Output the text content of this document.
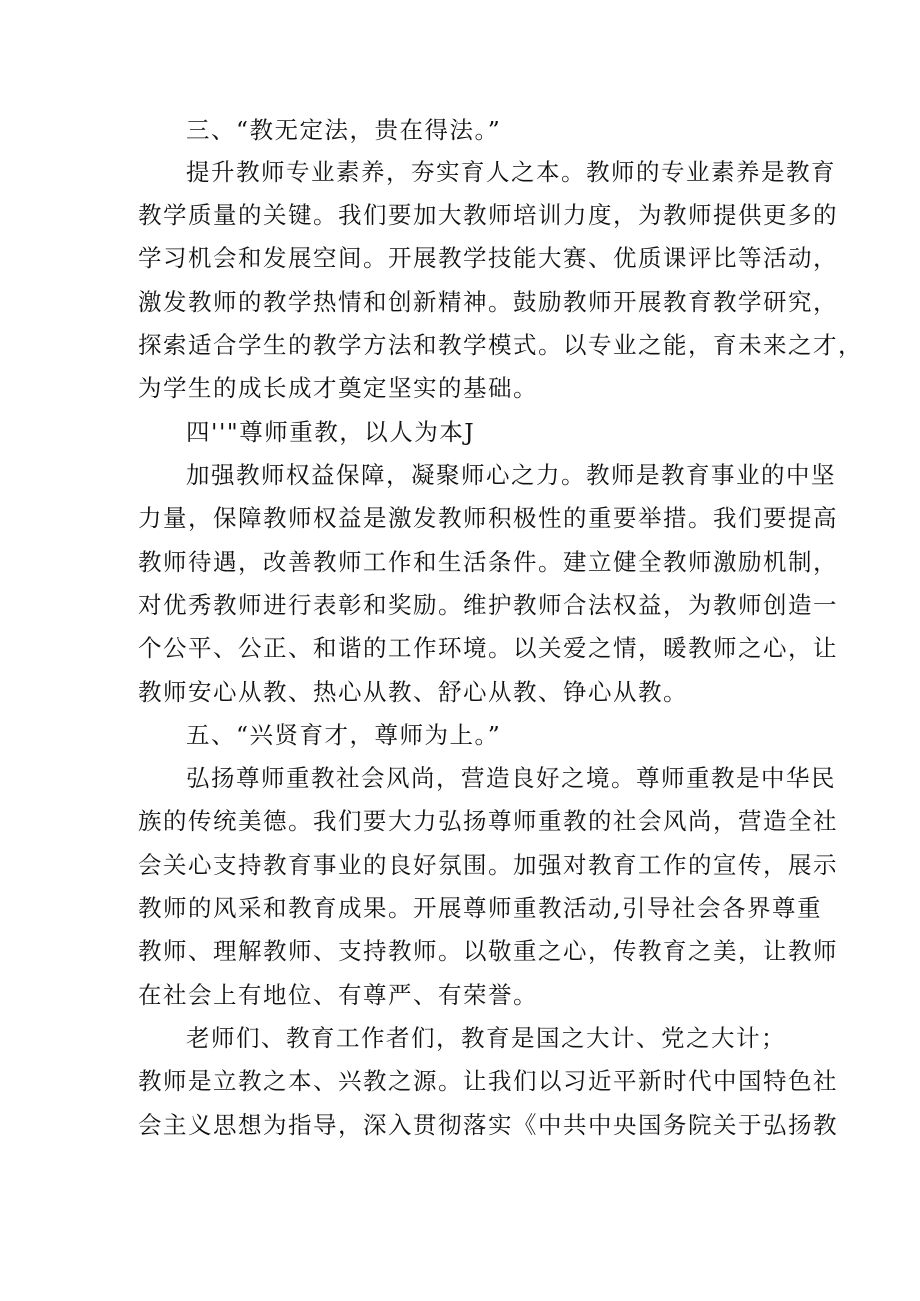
三、“教无定法，贵在得法。”
提升教师专业素养，夯实育人之本。教师的专业素养是教育
教学质量的关键。我们要加大教师培训力度，为教师提供更多的
学习机会和发展空间。开展教学技能大赛、优质课评比等活动，
激发教师的教学热情和创新精神。鼓励教师开展教育教学研究，
探索适合学生的教学方法和教学模式。以专业之能，育未来之才，
为学生的成长成才奠定坚实的基础。
四''"尊师重教，以人为本J
加强教师权益保障，凝聚师心之力。教师是教育事业的中坚
力量，保障教师权益是激发教师积极性的重要举措。我们要提高
教师待遇，改善教师工作和生活条件。建立健全教师激励机制，
对优秀教师进行表彰和奖励。维护教师合法权益，为教师创造一
个公平、公正、和谐的工作环境。以关爱之情，暖教师之心，让
教师安心从教、热心从教、舒心从教、铮心从教。
五、“兴贤育才，尊师为上。”
弘扬尊师重教社会风尚，营造良好之境。尊师重教是中华民
族的传统美德。我们要大力弘扬尊师重教的社会风尚，营造全社
会关心支持教育事业的良好氛围。加强对教育工作的宣传，展示
教师的风采和教育成果。开展尊师重教活动,引导社会各界尊重
教师、理解教师、支持教师。以敬重之心，传教育之美，让教师
在社会上有地位、有尊严、有荣誉。
老师们、教育工作者们，教育是国之大计、党之大计；
教师是立教之本、兴教之源。让我们以习近平新时代中国特色社
会主义思想为指导，深入贯彻落实《中共中央国务院关于弘扬教
